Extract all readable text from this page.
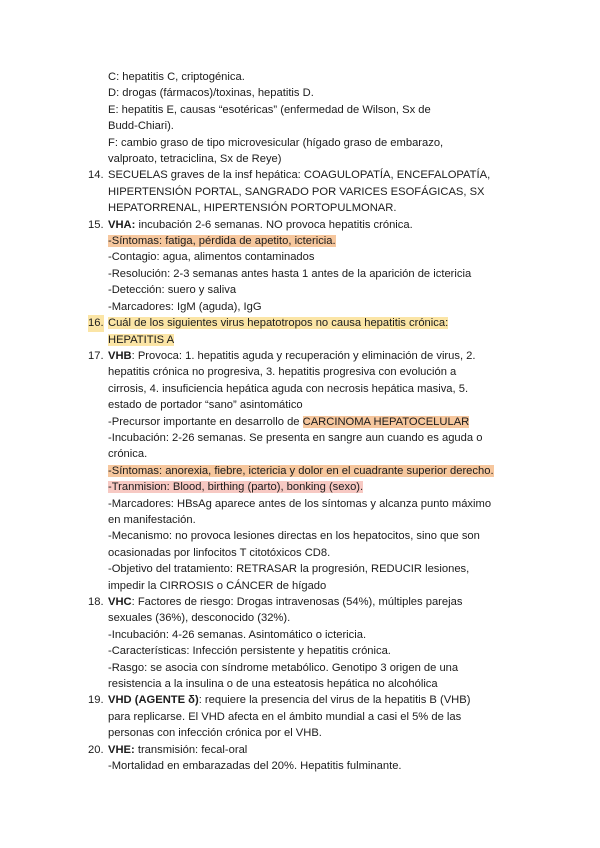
C: hepatitis C, criptogénica.
D: drogas (fármacos)/toxinas, hepatitis D.
E: hepatitis E, causas “esotéricas” (enfermedad de Wilson, Sx de
Budd-Chiari).
F: cambio graso de tipo microvesicular (hígado graso de embarazo,
valproato, tetraciclina, Sx de Reye)
14. SECUELAS graves de la insf hepática: COAGULOPATÍA, ENCEFALOPATÍA,
HIPERTENSIÓN PORTAL, SANGRADO POR VARICES ESOFÁGICAS, SX
HEPATORRENAL, HIPERTENSIÓN PORTOPULMONAR.
15. VHA: incubación 2-6 semanas. NO provoca hepatitis crónica.
-Síntomas: fatiga, pérdida de apetito, ictericia.
-Contagio: agua, alimentos contaminados
-Resolución: 2-3 semanas antes hasta 1 antes de la aparición de ictericia
-Detección: suero y saliva
-Marcadores: IgM (aguda), IgG
16. Cuál de los siguientes virus hepatotropos no causa hepatitis crónica:
HEPATITIS A
17. VHB: Provoca: 1. hepatitis aguda y recuperación y eliminación de virus, 2.
hepatitis crónica no progresiva, 3. hepatitis progresiva con evolución a
cirrosis, 4. insuficiencia hepática aguda con necrosis hepática masiva, 5.
estado de portador “sano” asintomático
-Precursor importante en desarrollo de CARCINOMA HEPATOCELULAR
-Incubación: 2-26 semanas. Se presenta en sangre aun cuando es aguda o
crónica.
-Síntomas: anorexia, fiebre, ictericia y dolor en el cuadrante superior derecho.
-Tranmision: Blood, birthing (parto), bonking (sexo).
-Marcadores: HBsAg aparece antes de los síntomas y alcanza punto máximo
en manifestación.
-Mecanismo: no provoca lesiones directas en los hepatocitos, sino que son
ocasionadas por linfocitos T citotóxicos CD8.
-Objetivo del tratamiento: RETRASAR la progresión, REDUCIR lesiones,
impedir la CIRROSIS o CÁNCER de hígado
18. VHC: Factores de riesgo: Drogas intravenosas (54%), múltiples parejas
sexuales (36%), desconocido (32%).
-Incubación: 4-26 semanas. Asintomático o ictericia.
-Características: Infección persistente y hepatitis crónica.
-Rasgo: se asocia con síndrome metabólico. Genotipo 3 origen de una
resistencia a la insulina o de una esteatosis hepática no alcohólica
19. VHD (AGENTE δ): requiere la presencia del virus de la hepatitis B (VHB)
para replicarse. El VHD afecta en el ámbito mundial a casi el 5% de las
personas con infección crónica por el VHB.
20. VHE: transmisión: fecal-oral
-Mortalidad en embarazadas del 20%. Hepatitis fulminante.
